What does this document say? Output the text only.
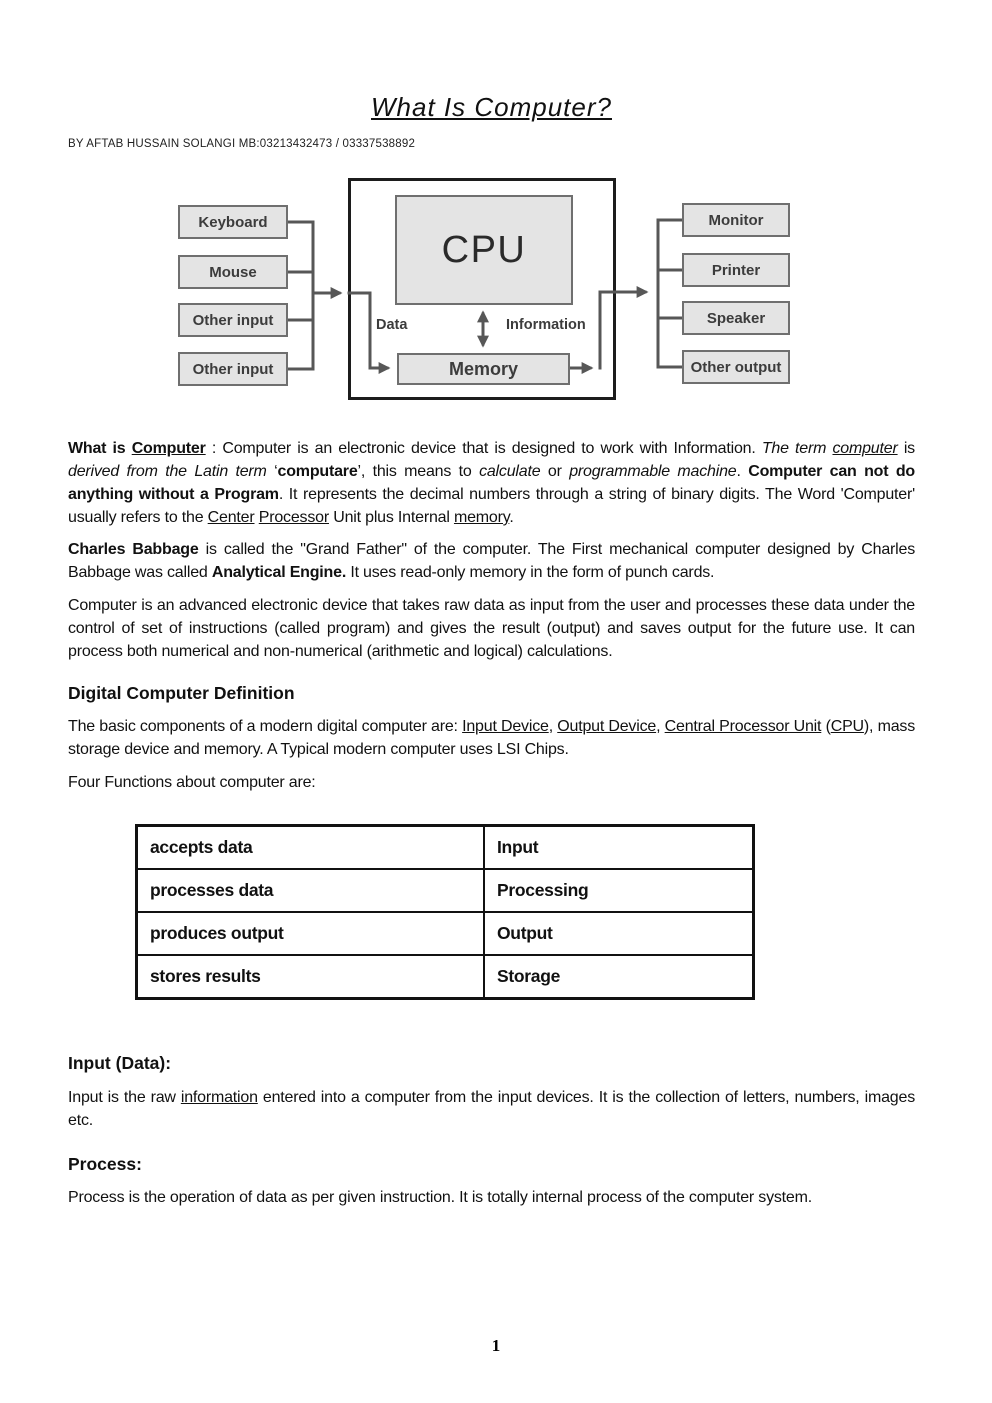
What Is Computer?
BY AFTAB HUSSAIN SOLANGI MB:03213432473 / 03337538892
Keyboard
Mouse
Other input
Other input
CPU
Memory
Data	Information
Monitor
Printer
Speaker
Other output

What is Computer : Computer is an electronic device that is designed to work with Information. The term computer is derived from the Latin term ‘computare’, this means to calculate or programmable machine. Computer can not do anything without a Program. It represents the decimal numbers through a string of binary digits. The Word 'Computer' usually refers to the Center Processor Unit plus Internal memory.

Charles Babbage is called the "Grand Father" of the computer. The First mechanical computer designed by Charles Babbage was called Analytical Engine. It uses read-only memory in the form of punch cards.

Computer is an advanced electronic device that takes raw data as input from the user and processes these data under the control of set of instructions (called program) and gives the result (output) and saves output for the future use. It can process both numerical and non-numerical (arithmetic and logical) calculations.

Digital Computer Definition

The basic components of a modern digital computer are: Input Device, Output Device, Central Processor Unit (CPU), mass storage device and memory. A Typical modern computer uses LSI Chips.

Four Functions about computer are:

accepts data	Input
processes data	Processing
produces output	Output
stores results	Storage
Input (Data):

Input is the raw information entered into a computer from the input devices. It is the collection of letters, numbers, images etc.

Process:

Process is the operation of data as per given instruction. It is totally internal process of the computer system.

1
